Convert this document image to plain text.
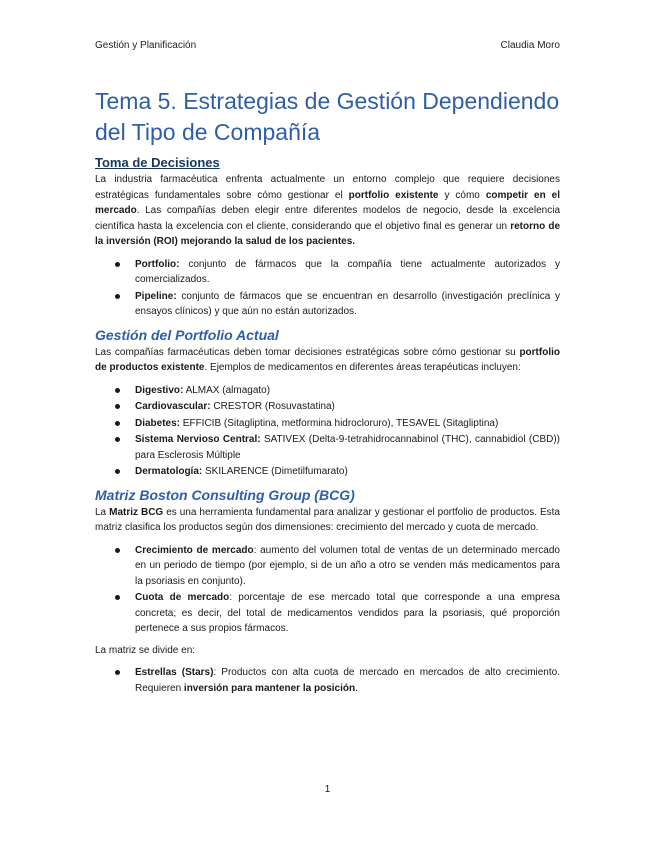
Gestión y Planificación	Claudia Moro
Tema 5. Estrategias de Gestión Dependiendo del Tipo de Compañía
Toma de Decisiones

La industria farmacéutica enfrenta actualmente un entorno complejo que requiere decisiones estratégicas fundamentales sobre cómo gestionar el portfolio existente y cómo competir en el mercado. Las compañías deben elegir entre diferentes modelos de negocio, desde la excelencia científica hasta la excelencia con el cliente, considerando que el objetivo final es generar un retorno de la inversión (ROI) mejorando la salud de los pacientes.

Portfolio: conjunto de fármacos que la compañía tiene actualmente autorizados y comercializados.
Pipeline: conjunto de fármacos que se encuentran en desarrollo (investigación preclínica y ensayos clínicos) y que aún no están autorizados.
Gestión del Portfolio Actual

Las compañías farmacéuticas deben tomar decisiones estratégicas sobre cómo gestionar su portfolio de productos existente. Ejemplos de medicamentos en diferentes áreas terapéuticas incluyen:

Digestivo: ALMAX (almagato)
Cardiovascular: CRESTOR (Rosuvastatina)
Diabetes: EFFICIB (Sitagliptina, metformina hidrocloruro), TESAVEL (Sitagliptina)
Sistema Nervioso Central: SATIVEX (Delta-9-tetrahidrocannabinol (THC), cannabidiol (CBD)) para Esclerosis Múltiple
Dermatología: SKILARENCE (Dimetilfumarato)
Matriz Boston Consulting Group (BCG)

La Matriz BCG es una herramienta fundamental para analizar y gestionar el portfolio de productos. Esta matriz clasifica los productos según dos dimensiones: crecimiento del mercado y cuota de mercado.

Crecimiento de mercado: aumento del volumen total de ventas de un determinado mercado en un periodo de tiempo (por ejemplo, si de un año a otro se venden más medicamentos para la psoriasis en conjunto).
Cuota de mercado: porcentaje de ese mercado total que corresponde a una empresa concreta; es decir, del total de medicamentos vendidos para la psoriasis, qué proporción pertenece a sus propios fármacos.

La matriz se divide en:

Estrellas (Stars): Productos con alta cuota de mercado en mercados de alto crecimiento. Requieren inversión para mantener la posición.
1
